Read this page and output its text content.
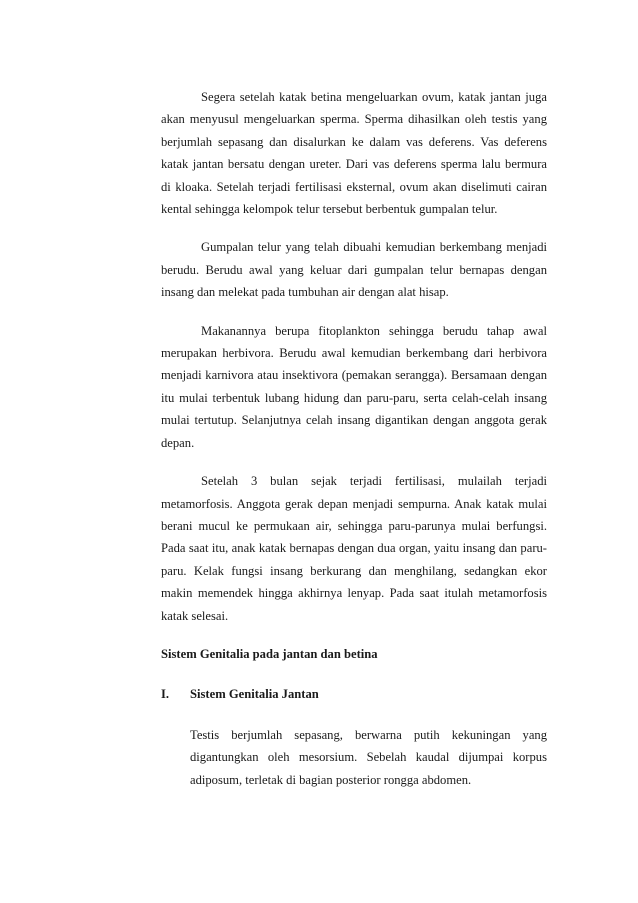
Segera setelah katak betina mengeluarkan ovum, katak jantan juga akan menyusul mengeluarkan sperma. Sperma dihasilkan oleh testis yang berjumlah sepasang dan disalurkan ke dalam vas deferens. Vas deferens katak jantan bersatu dengan ureter. Dari vas deferens sperma lalu bermura di kloaka. Setelah terjadi fertilisasi eksternal, ovum akan diselimuti cairan kental sehingga kelompok telur tersebut berbentuk gumpalan telur.

Gumpalan telur yang telah dibuahi kemudian berkembang menjadi berudu. Berudu awal yang keluar dari gumpalan telur bernapas dengan insang dan melekat pada tumbuhan air dengan alat hisap.

Makanannya berupa fitoplankton sehingga berudu tahap awal merupakan herbivora. Berudu awal kemudian berkembang dari herbivora menjadi karnivora atau insektivora (pemakan serangga). Bersamaan dengan itu mulai terbentuk lubang hidung dan paru-paru, serta celah-celah insang mulai tertutup. Selanjutnya celah insang digantikan dengan anggota gerak depan.

Setelah 3 bulan sejak terjadi fertilisasi, mulailah terjadi metamorfosis. Anggota gerak depan menjadi sempurna. Anak katak mulai berani mucul ke permukaan air, sehingga paru-parunya mulai berfungsi. Pada saat itu, anak katak bernapas dengan dua organ, yaitu insang dan paru-paru. Kelak fungsi insang berkurang dan menghilang, sedangkan ekor makin memendek hingga akhirnya lenyap. Pada saat itulah metamorfosis katak selesai.

Sistem Genitalia pada jantan dan betina
I.	Sistem Genitalia Jantan

Testis berjumlah sepasang, berwarna putih kekuningan yang digantungkan oleh mesorsium. Sebelah kaudal dijumpai korpus adiposum, terletak di bagian posterior rongga abdomen.
